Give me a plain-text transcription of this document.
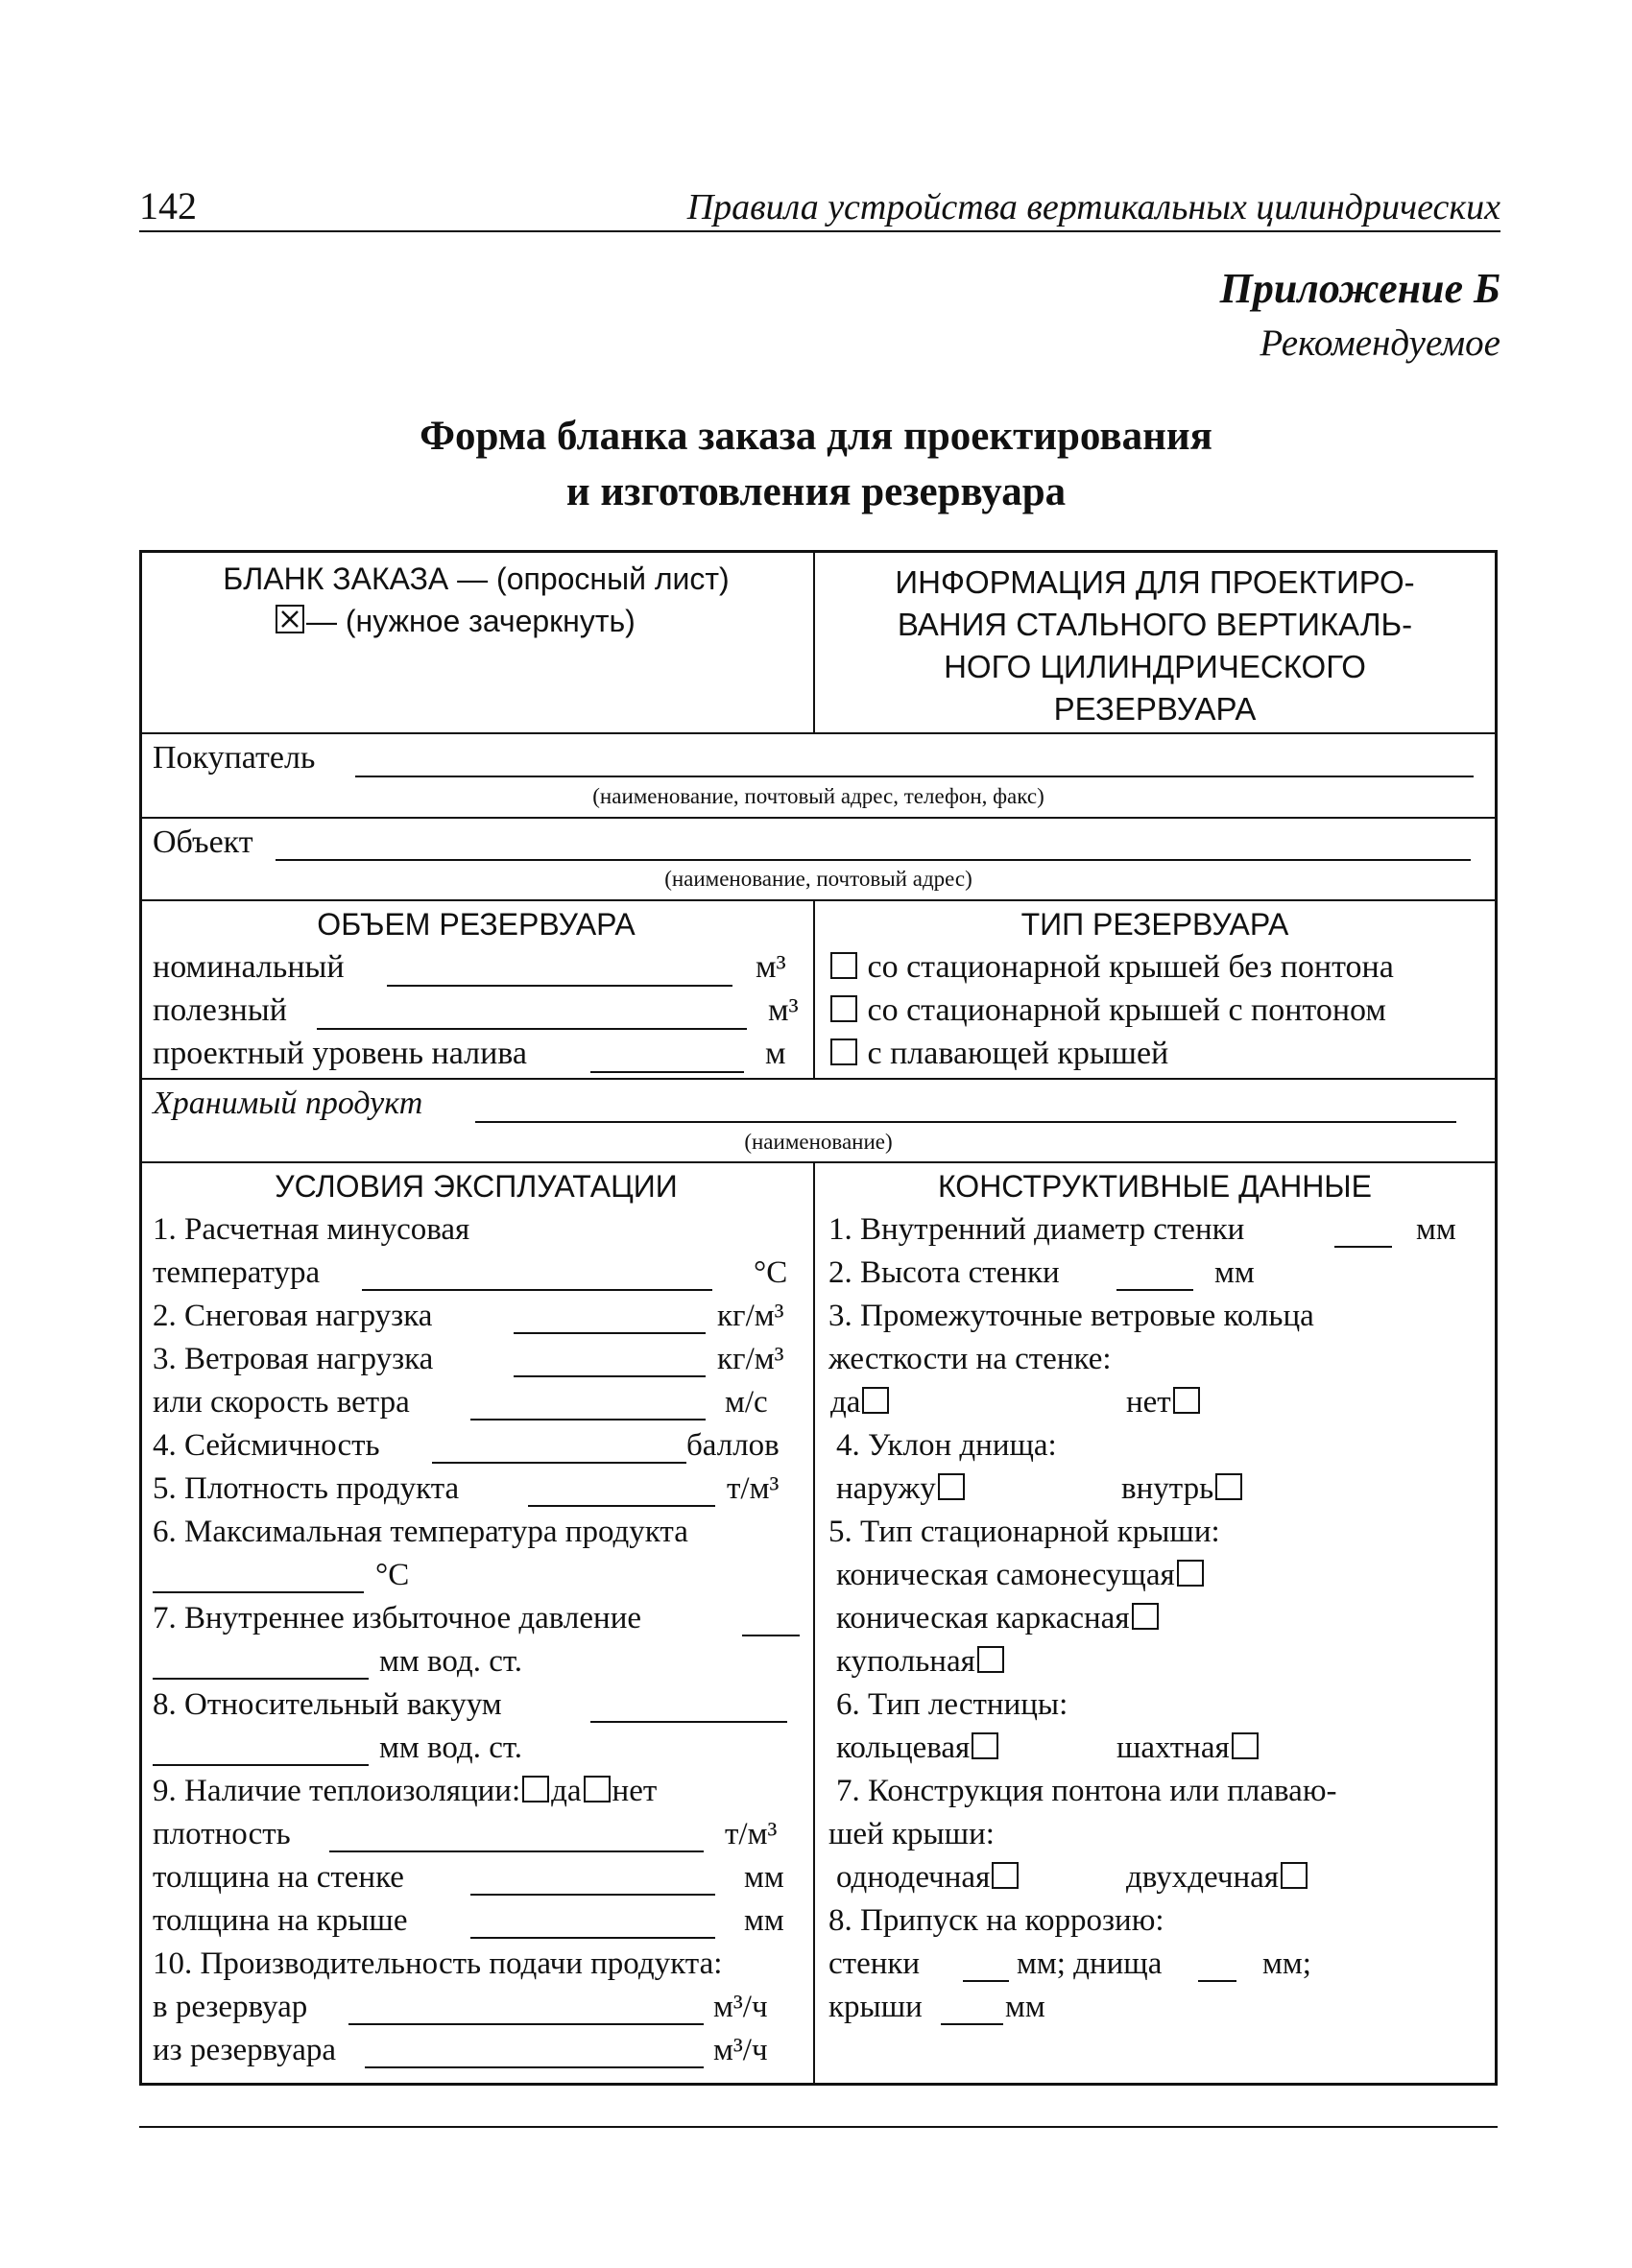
142	Правила устройства вертикальных цилиндрических
Приложение Б
Рекомендуемое
Форма бланка заказа для проектирования
и изготовления резервуара
БЛАНК ЗАКАЗА — (опросный лист)
— (нужное зачеркнуть)
ИНФОРМАЦИЯ ДЛЯ ПРОЕКТИРО-
ВАНИЯ СТАЛЬНОГО ВЕРТИКАЛЬ-
НОГО ЦИЛИНДРИЧЕСКОГО
РЕЗЕРВУАРА
Покупатель
(наименование, почтовый адрес, телефон, факс)
Объект
(наименование, почтовый адрес)
ОБЪЕМ РЕЗЕРВУАРА
номинальный	м³
полезный	м³
проектный уровень налива	м
ТИП РЕЗЕРВУАРА
со стационарной крышей без понтона
со стационарной крышей с понтоном
с плавающей крышей
Хранимый продукт
(наименование)
УСЛОВИЯ ЭКСПЛУАТАЦИИ
1. Расчетная минусовая
температура	°С
2. Снеговая нагрузка	кг/м³
3. Ветровая нагрузка	кг/м³
или скорость ветра	м/с
4. Сейсмичность	баллов
5. Плотность продукта	т/м³
6. Максимальная температура продукта
°С
7. Внутреннее избыточное давление
мм вод. ст.
8. Относительный вакуум
мм вод. ст.
9. Наличие теплоизоляции: да нет
плотность	т/м³
толщина на стенке	мм
толщина на крыше	мм
10. Производительность подачи продукта:
в резервуар	м³/ч
из резервуара	м³/ч
КОНСТРУКТИВНЫЕ ДАННЫЕ
1. Внутренний диаметр стенки	мм
2. Высота стенки	мм
3. Промежуточные ветровые кольца
жесткости на стенке:
да	нет
4. Уклон днища:
наружу	внутрь
5. Тип стационарной крыши:
коническая самонесущая
коническая каркасная
купольная
6. Тип лестницы:
кольцевая	шахтная
7. Конструкция понтона или плаваю-
шей крыши:
однодечная	двухдечная
8. Припуск на коррозию:
стенки	мм; днища	мм;
крыши	мм
